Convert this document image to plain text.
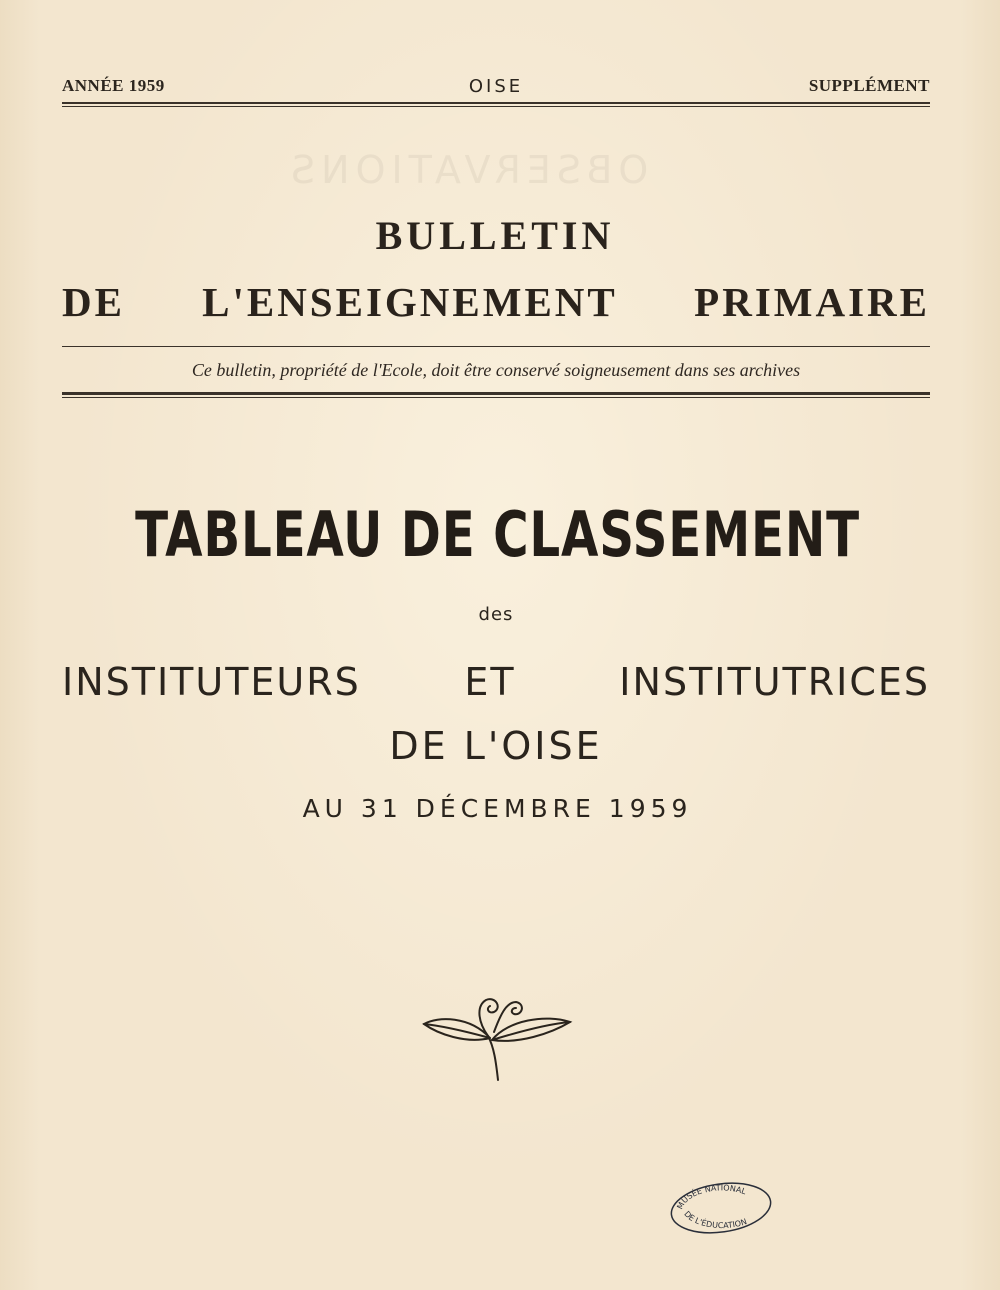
OBSERVATIONS
ANNÉE 1959	OISE	SUPPLÉMENT
BULLETIN
DE L'ENSEIGNEMENT PRIMAIRE
Ce bulletin, propriété de l'Ecole, doit être conservé soigneusement dans ses archives
TABLEAU DE CLASSEMENT
des
INSTITUTEURS ET INSTITUTRICES
DE L'OISE
AU 31 DÉCEMBRE 1959
MUSÉE NATIONAL
DE L'ÉDUCATION
